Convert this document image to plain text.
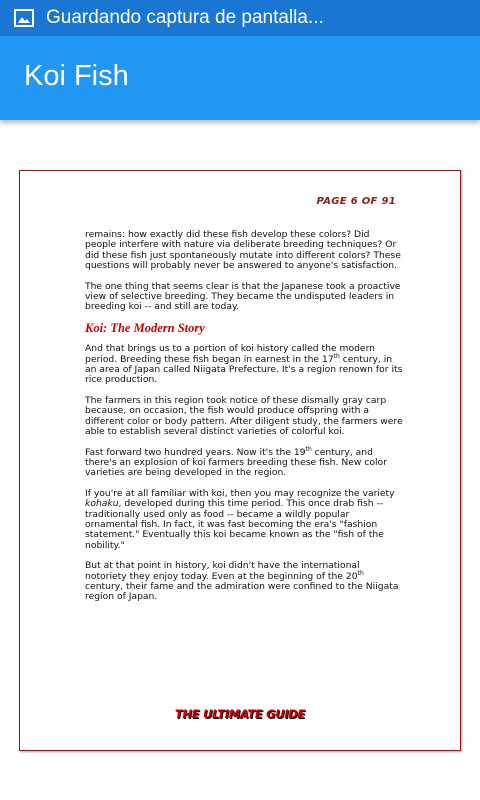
Guardando captura de pantalla...
Koi Fish
PAGE 6 OF 91

remains: how exactly did these fish develop these colors? Did people interfere with nature via deliberate breeding techniques? Or did these fish just spontaneously mutate into different colors? These questions will probably never be answered to anyone's satisfaction.

The one thing that seems clear is that the Japanese took a proactive view of selective breeding. They became the undisputed leaders in breeding koi -- and still are today.

Koi: The Modern Story

And that brings us to a portion of koi history called the modern period. Breeding these fish began in earnest in the 17th century, in an area of Japan called Niigata Prefecture. It's a region renown for its rice production.

The farmers in this region took notice of these dismally gray carp because, on occasion, the fish would produce offspring with a different color or body pattern. After diligent study, the farmers were able to establish several distinct varieties of colorful koi.

Fast forward two hundred years. Now it's the 19th century, and there's an explosion of koi farmers breeding these fish. New color varieties are being developed in the region.

If you're at all familiar with koi, then you may recognize the variety kohaku, developed during this time period. This once drab fish -- traditionally used only as food -- became a wildly popular ornamental fish. In fact, it was fast becoming the era's "fashion statement." Eventually this koi became known as the "fish of the nobility."

But at that point in history, koi didn't have the international notoriety they enjoy today. Even at the beginning of the 20th century, their fame and the admiration were confined to the Niigata region of Japan.

THE ULTIMATE GUIDE
